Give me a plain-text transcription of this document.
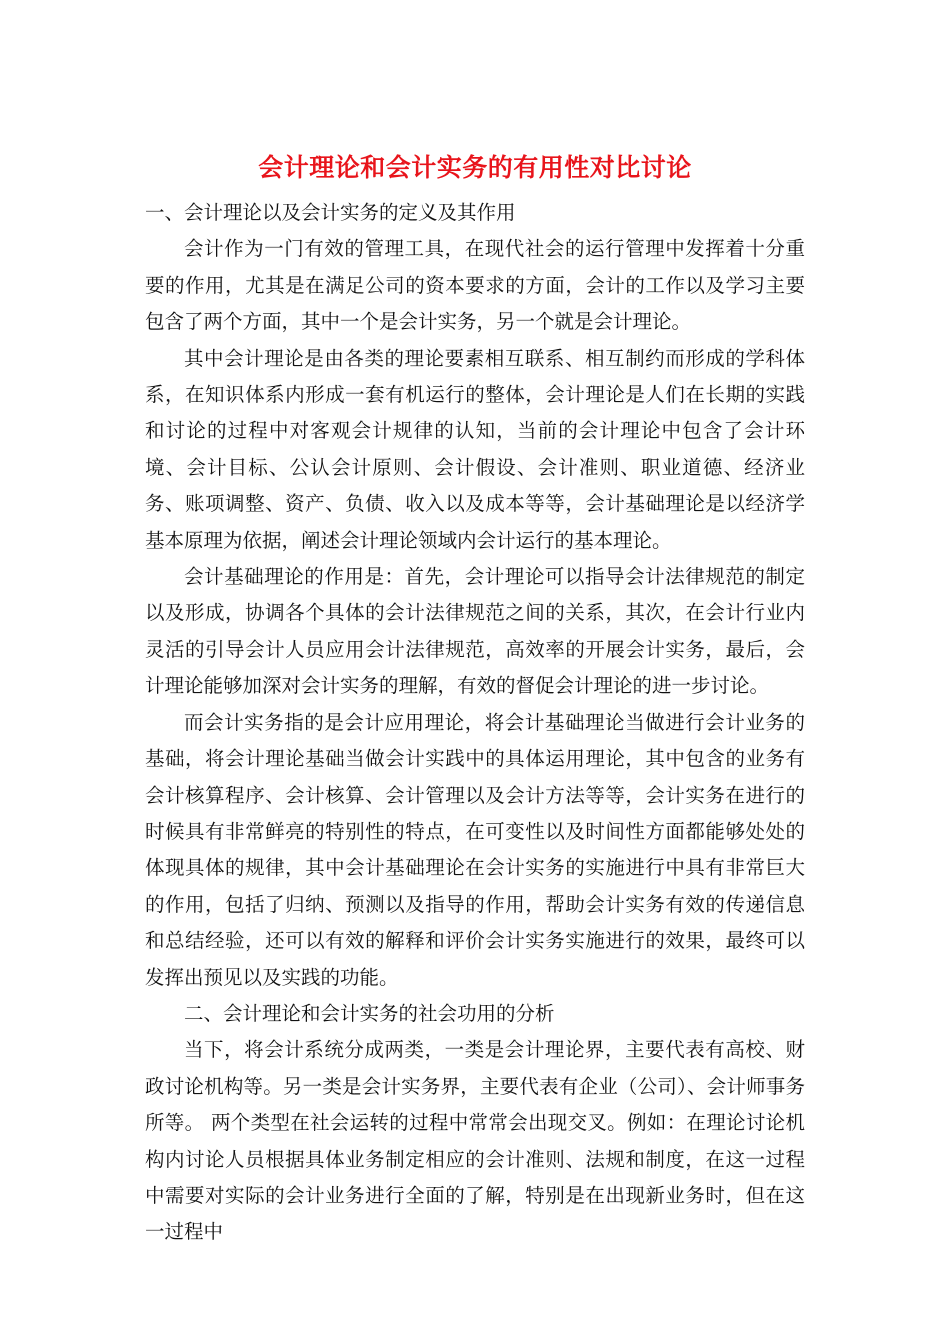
会计理论和会计实务的有用性对比讨论

一、会计理论以及会计实务的定义及其作用

会计作为一门有效的管理工具，在现代社会的运行管理中发挥着十分重要的作用，尤其是在满足公司的资本要求的方面，会计的工作以及学习主要包含了两个方面，其中一个是会计实务，另一个就是会计理论。

其中会计理论是由各类的理论要素相互联系、相互制约而形成的学科体系，在知识体系内形成一套有机运行的整体，会计理论是人们在长期的实践和讨论的过程中对客观会计规律的认知，当前的会计理论中包含了会计环境、会计目标、公认会计原则、会计假设、会计准则、职业道德、经济业务、账项调整、资产、负债、收入以及成本等等，会计基础理论是以经济学基本原理为依据，阐述会计理论领域内会计运行的基本理论。

会计基础理论的作用是：首先，会计理论可以指导会计法律规范的制定以及形成，协调各个具体的会计法律规范之间的关系，其次，在会计行业内灵活的引导会计人员应用会计法律规范，高效率的开展会计实务，最后，会计理论能够加深对会计实务的理解，有效的督促会计理论的进一步讨论。

而会计实务指的是会计应用理论，将会计基础理论当做进行会计业务的基础，将会计理论基础当做会计实践中的具体运用理论，其中包含的业务有会计核算程序、会计核算、会计管理以及会计方法等等，会计实务在进行的时候具有非常鲜亮的特别性的特点，在可变性以及时间性方面都能够处处的体现具体的规律，其中会计基础理论在会计实务的实施进行中具有非常巨大的作用，包括了归纳、预测以及指导的作用，帮助会计实务有效的传递信息和总结经验，还可以有效的解释和评价会计实务实施进行的效果，最终可以发挥出预见以及实践的功能。

二、会计理论和会计实务的社会功用的分析

当下，将会计系统分成两类，一类是会计理论界，主要代表有高校、财政讨论机构等。另一类是会计实务界，主要代表有企业（公司）、会计师事务所等。 两个类型在社会运转的过程中常常会出现交叉。例如：在理论讨论机构内讨论人员根据具体业务制定相应的会计准则、法规和制度，在这一过程中需要对实际的会计业务进行全面的了解，特别是在出现新业务时，但在这一过程中
